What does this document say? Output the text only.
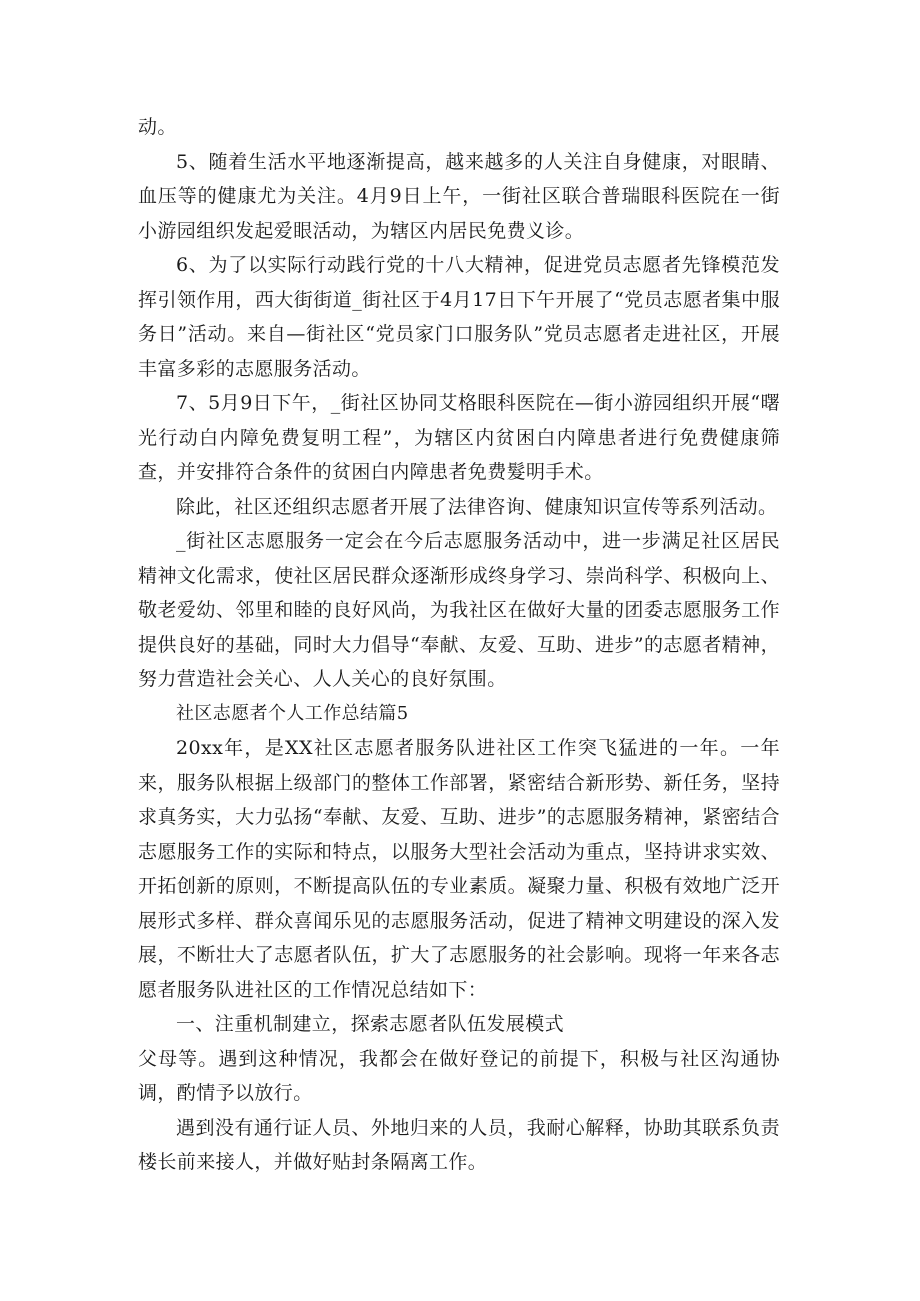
动。

5、随着生活水平地逐渐提高，越来越多的人关注自身健康，对眼睛、血压等的健康尤为关注。4月9日上午，一街社区联合普瑞眼科医院在一街小游园组织发起爱眼活动，为辖区内居民免费义诊。

6、为了以实际行动践行党的十八大精神，促进党员志愿者先锋模范发挥引领作用，西大街街道_街社区于4月17日下午开展了“党员志愿者集中服务日”活动。来自—街社区“党员家门口服务队”党员志愿者走进社区，开展丰富多彩的志愿服务活动。

7、5月9日下午，_街社区协同艾格眼科医院在—街小游园组织开展“曙光行动白内障免费复明工程”，为辖区内贫困白内障患者进行免费健康筛查，并安排符合条件的贫困白内障患者免费髮明手术。

除此，社区还组织志愿者开展了法律咨询、健康知识宣传等系列活动。

_街社区志愿服务一定会在今后志愿服务活动中，进一步满足社区居民精神文化需求，使社区居民群众逐渐形成终身学习、崇尚科学、积极向上、敬老爱幼、邻里和睦的良好风尚，为我社区在做好大量的团委志愿服务工作提供良好的基础，同时大力倡导“奉献、友爱、互助、进步”的志愿者精神，努力营造社会关心、人人关心的良好氛围。

社区志愿者个人工作总结篇5

20xx年，是XX社区志愿者服务队进社区工作突飞猛进的一年。一年来，服务队根据上级部门的整体工作部署，紧密结合新形势、新任务，坚持求真务实，大力弘扬“奉献、友爱、互助、进步”的志愿服务精神，紧密结合志愿服务工作的实际和特点，以服务大型社会活动为重点，坚持讲求实效、开拓创新的原则，不断提高队伍的专业素质。凝聚力量、积极有效地广泛开展形式多样、群众喜闻乐见的志愿服务活动，促进了精神文明建设的深入发展，不断壮大了志愿者队伍，扩大了志愿服务的社会影响。现将一年来各志愿者服务队进社区的工作情况总结如下：

一、注重机制建立，探索志愿者队伍发展模式

父母等。遇到这种情况，我都会在做好登记的前提下，积极与社区沟通协调，酌情予以放行。

遇到没有通行证人员、外地归来的人员，我耐心解释，协助其联系负责楼长前来接人，并做好贴封条隔离工作。
